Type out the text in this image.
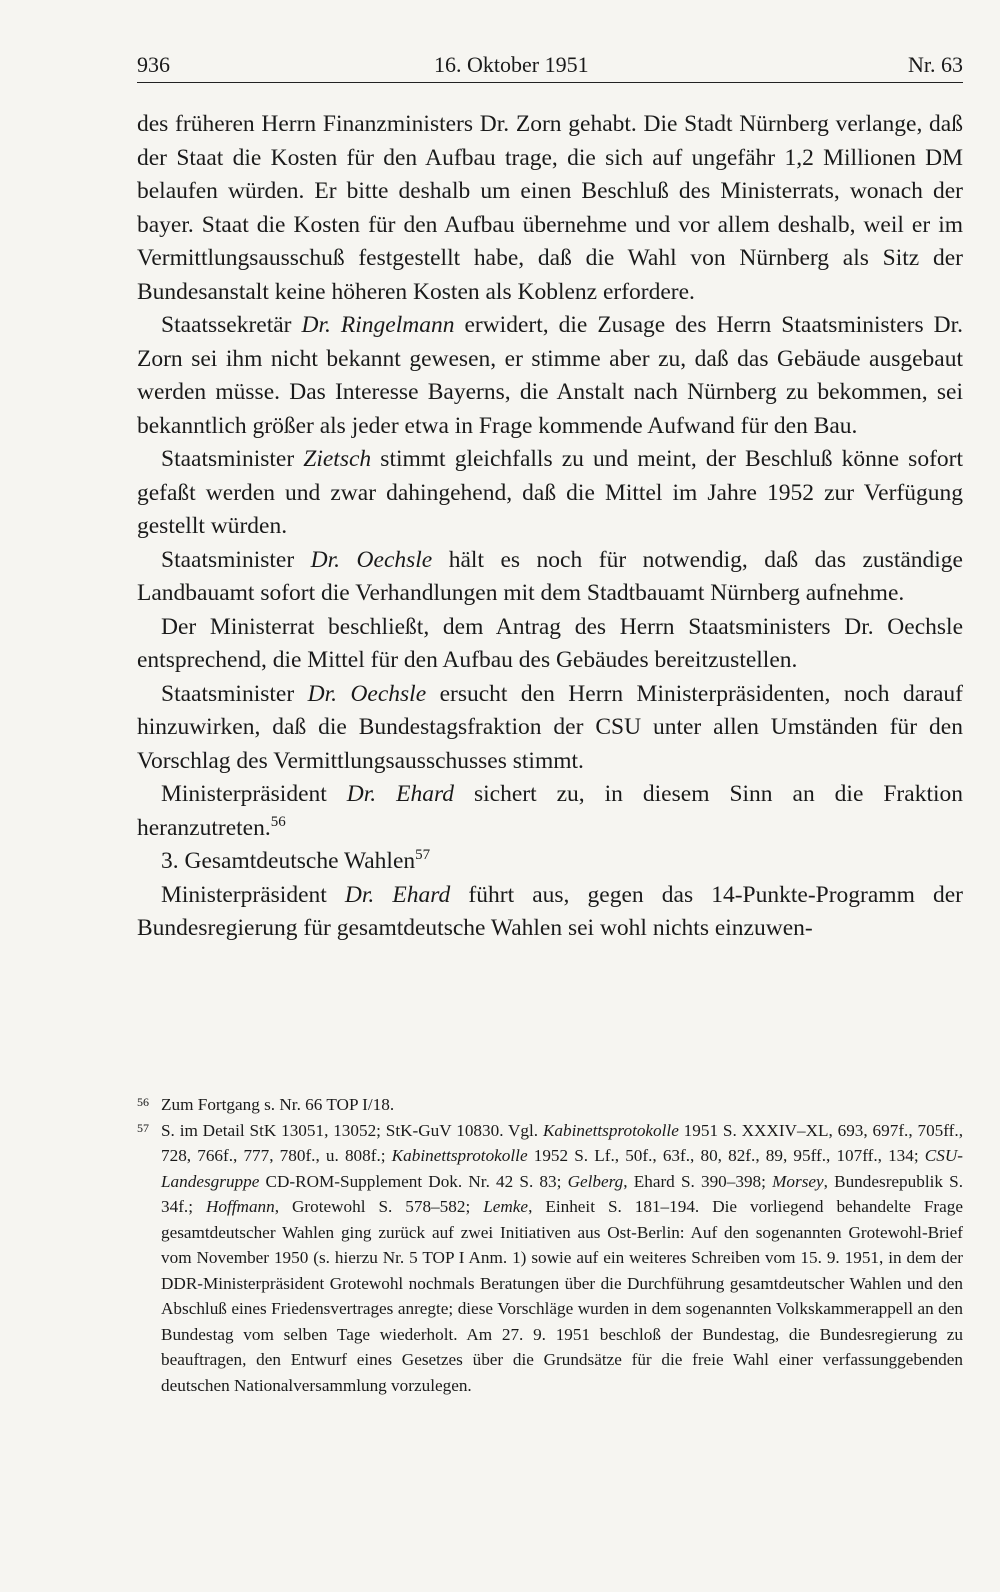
936	16. Oktober 1951	Nr. 63

des früheren Herrn Finanzministers Dr. Zorn gehabt. Die Stadt Nürnberg verlange, daß der Staat die Kosten für den Aufbau trage, die sich auf ungefähr 1,2 Millionen DM belaufen würden. Er bitte deshalb um einen Beschluß des Ministerrats, wonach der bayer. Staat die Kosten für den Aufbau übernehme und vor allem deshalb, weil er im Vermittlungsausschuß festgestellt habe, daß die Wahl von Nürnberg als Sitz der Bundesanstalt keine höheren Kosten als Koblenz erfordere.

Staatssekretär Dr. Ringelmann erwidert, die Zusage des Herrn Staatsministers Dr. Zorn sei ihm nicht bekannt gewesen, er stimme aber zu, daß das Gebäude ausgebaut werden müsse. Das Interesse Bayerns, die Anstalt nach Nürnberg zu bekommen, sei bekanntlich größer als jeder etwa in Frage kommende Aufwand für den Bau.

Staatsminister Zietsch stimmt gleichfalls zu und meint, der Beschluß könne sofort gefaßt werden und zwar dahingehend, daß die Mittel im Jahre 1952 zur Verfügung gestellt würden.

Staatsminister Dr. Oechsle hält es noch für notwendig, daß das zuständige Landbauamt sofort die Verhandlungen mit dem Stadtbauamt Nürnberg aufnehme.

Der Ministerrat beschließt, dem Antrag des Herrn Staatsministers Dr. Oechsle entsprechend, die Mittel für den Aufbau des Gebäudes bereitzustellen.

Staatsminister Dr. Oechsle ersucht den Herrn Ministerpräsidenten, noch darauf hinzuwirken, daß die Bundestagsfraktion der CSU unter allen Umständen für den Vorschlag des Vermittlungsausschusses stimmt.

Ministerpräsident Dr. Ehard sichert zu, in diesem Sinn an die Fraktion heranzutreten.$^{56}$

3. Gesamtdeutsche Wahlen$^{57}$

Ministerpräsident Dr. Ehard führt aus, gegen das 14-Punkte-Programm der Bundesregierung für gesamtdeutsche Wahlen sei wohl nichts einzuwen-

56 Zum Fortgang s. Nr. 66 TOP I/18.
57 S. im Detail StK 13051, 13052; StK-GuV 10830. Vgl. Kabinettsprotokolle 1951 S. XXXIV–XL, 693, 697f., 705ff., 728, 766f., 777, 780f., u. 808f.; Kabinettsprotokolle 1952 S. Lf., 50f., 63f., 80, 82f., 89, 95ff., 107ff., 134; CSU-Landesgruppe CD-ROM-Supplement Dok. Nr. 42 S. 83; Gelberg, Ehard S. 390–398; Morsey, Bundesrepublik S. 34f.; Hoffmann, Grotewohl S. 578–582; Lemke, Einheit S. 181–194. Die vorliegend behandelte Frage gesamtdeutscher Wahlen ging zurück auf zwei Initiativen aus Ost-Berlin: Auf den sogenannten Grotewohl-Brief vom November 1950 (s. hierzu Nr. 5 TOP I Anm. 1) sowie auf ein weiteres Schreiben vom 15. 9. 1951, in dem der DDR-Ministerpräsident Grotewohl nochmals Beratungen über die Durchführung gesamtdeutscher Wahlen und den Abschluß eines Friedensvertrages anregte; diese Vorschläge wurden in dem sogenannten Volkskammerappell an den Bundestag vom selben Tage wiederholt. Am 27. 9. 1951 beschloß der Bundestag, die Bundesregierung zu beauftragen, den Entwurf eines Gesetzes über die Grundsätze für die freie Wahl einer verfassunggebenden deutschen Nationalversammlung vorzulegen.
